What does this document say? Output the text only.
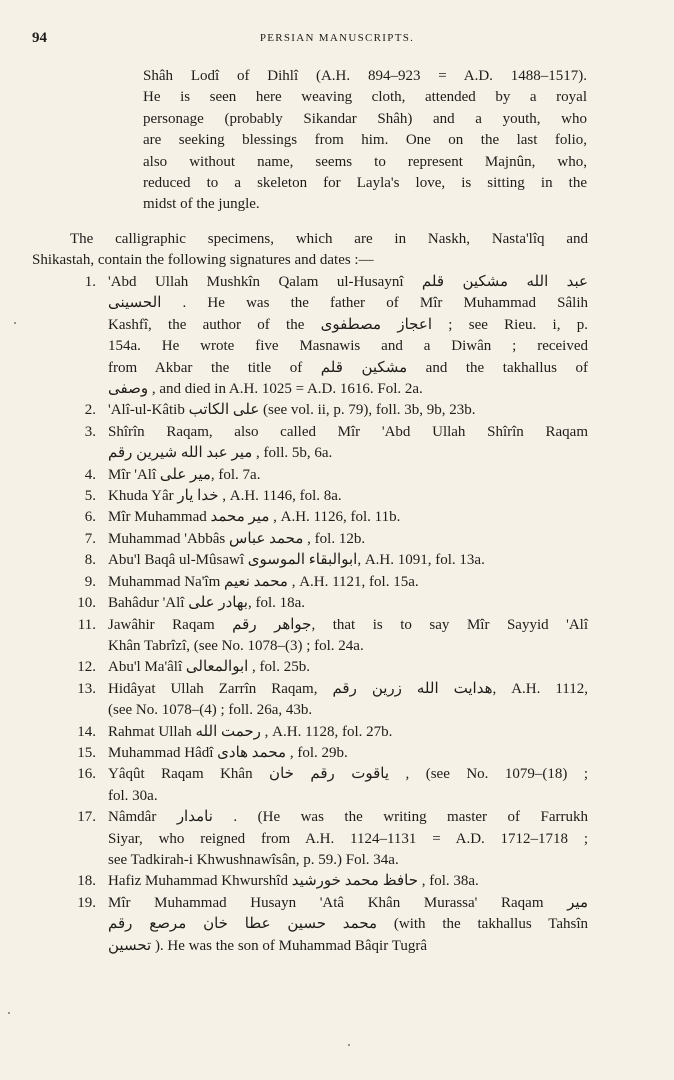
94	PERSIAN MANUSCRIPTS.
Shâh Lodî of Dihlî (A.H. 894–923 = A.D. 1488–1517).
He is seen here weaving cloth, attended by a royal
personage (probably Sikandar Shâh) and a youth, who
are seeking blessings from him. One on the last folio,
also without name, seems to represent Majnûn, who,
reduced to a skeleton for Layla's love, is sitting in the
midst of the jungle.
The calligraphic specimens, which are in Naskh, Nasta'lîq and
Shikastah, contain the following signatures and dates :—
1. 'Abd Ullah Mushkîn Qalam ul-Husaynî عبد الله مشکین قلم
الحسینی . He was the father of Mîr Muhammad Sâlih
Kashfî, the author of the اعجاز مصطفوی ; see Rieu. i, p.
154a. He wrote five Masnawis and a Diwân ; received
from Akbar the title of مشکین قلم and the takhallus of
وصفی , and died in A.H. 1025 = A.D. 1616. Fol. 2a.
2. 'Alî-ul-Kâtib علی الکاتب (see vol. ii, p. 79), foll. 3b, 9b, 23b.
3. Shîrîn Raqam, also called Mîr 'Abd Ullah Shîrîn Raqam
میر عبد الله شیرین رقم , foll. 5b, 6a.
4. Mîr 'Alî میر علی, fol. 7a.
5. Khuda Yâr خدا یار , A.H. 1146, fol. 8a.
6. Mîr Muhammad میر محمد , A.H. 1126, fol. 11b.
7. Muhammad 'Abbâs محمد عباس , fol. 12b.
8. Abu'l Baqâ ul-Mûsawî ابوالبقاء الموسوی, A.H. 1091, fol. 13a.
9. Muhammad Na'îm محمد نعیم , A.H. 1121, fol. 15a.
10. Bahâdur 'Alî بهادر علی, fol. 18a.
11. Jawâhir Raqam جواهر رقم, that is to say Mîr Sayyid 'Alî
Khân Tabrîzî, (see No. 1078–(3) ; fol. 24a.
12. Abu'l Ma'âlî ابوالمعالی , fol. 25b.
13. Hidâyat Ullah Zarrîn Raqam, هدایت الله زرین رقم, A.H. 1112,
(see No. 1078–(4) ; foll. 26a, 43b.
14. Rahmat Ullah رحمت الله , A.H. 1128, fol. 27b.
15. Muhammad Hâdî محمد هادی , fol. 29b.
16. Yâqût Raqam Khân یاقوت رقم خان , (see No. 1079–(18) ;
fol. 30a.
17. Nâmdâr نامدار . (He was the writing master of Farrukh
Siyar, who reigned from A.H. 1124–1131 = A.D. 1712–1718 ;
see Tadkirah-i Khwushnawîsân, p. 59.) Fol. 34a.
18. Hafiz Muhammad Khwurshîd حافظ محمد خورشید , fol. 38a.
19. Mîr Muhammad Husayn 'Atâ Khân Murassa' Raqam میر
محمد حسین عطا خان مرصع رقم (with the takhallus Tahsîn
تحسین ). He was the son of Muhammad Bâqir Tugrâ
